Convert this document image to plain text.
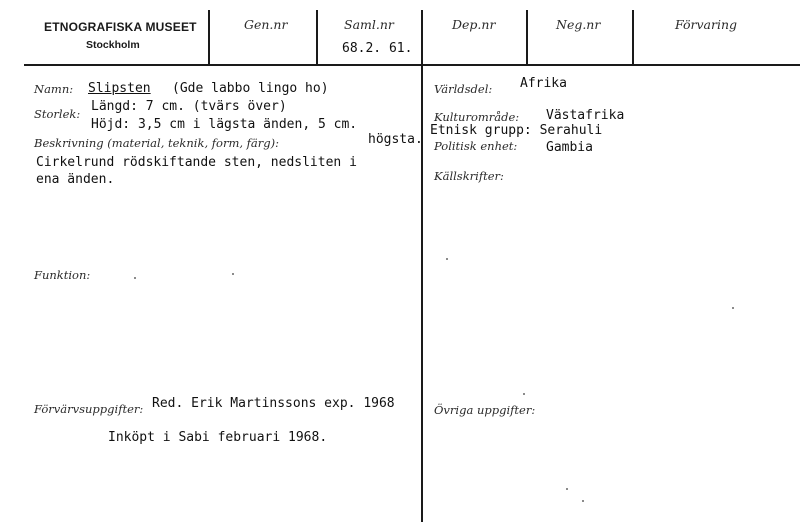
ETNOGRAFISKA MUSEET
Stockholm
Gen.nr	Saml.nr
68.2. 61.
Dep.nr	Neg.nr	Förvaring
Namn: Slipsten (Gde labbo lingo ho)
Storlek: Längd: 7 cm. (tvärs över)
Höjd: 3,5 cm i lägsta änden, 5 cm.
högsta.
Beskrivning (material, teknik, form, färg):
Cirkelrund rödskiftande sten, nedsliten i
ena änden.
Funktion:
Förvärvsuppgifter: Red. Erik Martinssons exp. 1968
Inköpt i Sabi februari 1968.
Världsdel: Afrika
Kulturområde: Västafrika
Etnisk grupp: Serahuli
Politisk enhet: Gambia
Källskrifter:
Övriga uppgifter:
